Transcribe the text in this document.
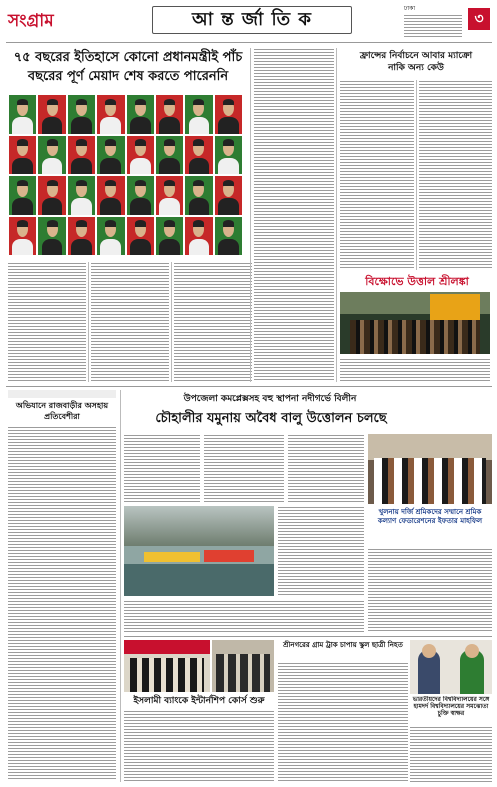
সংগ্রাম	আ ন্ত র্জা তি ক
ঢাকা
৩
৭৫ বছরের ইতিহাসে কোনো প্রধানমন্ত্রীই পাঁচ
বছরের পূর্ণ মেয়াদ শেষ করতে পারেননি
ফ্রান্সের নির্বাচনে আবার ম্যাক্রো নাকি অন্য কেউ
বিক্ষোভে উত্তাল শ্রীলঙ্কা
অভিযানে রাজবাড়ীর অসহায় প্রতিবেশীরা
উপজেলা কমপ্লেক্সসহ বহু স্থাপনা নদীগর্ভে বিলীন
চৌহালীর যমুনায় অবৈধ বালু উত্তোলন চলছে
খুলনায় দর্জি শ্রমিকদের সম্মানে শ্রমিক কল্যাণ ফেডারেশনের ইফতার মাহফিল
ইসলামী ব্যাংকে ইন্টার্নশিপ কোর্স শুরু
শ্রীনগরের গ্রাম ট্রাক চাপায় স্কুল ছাত্রী নিহত
ভারতীয়দের বিশ্ববিদ্যালয়ের সঙ্গে হামদর্দ বিশ্ববিদ্যালয়ের সমঝোতা চুক্তি স্বাক্ষর
